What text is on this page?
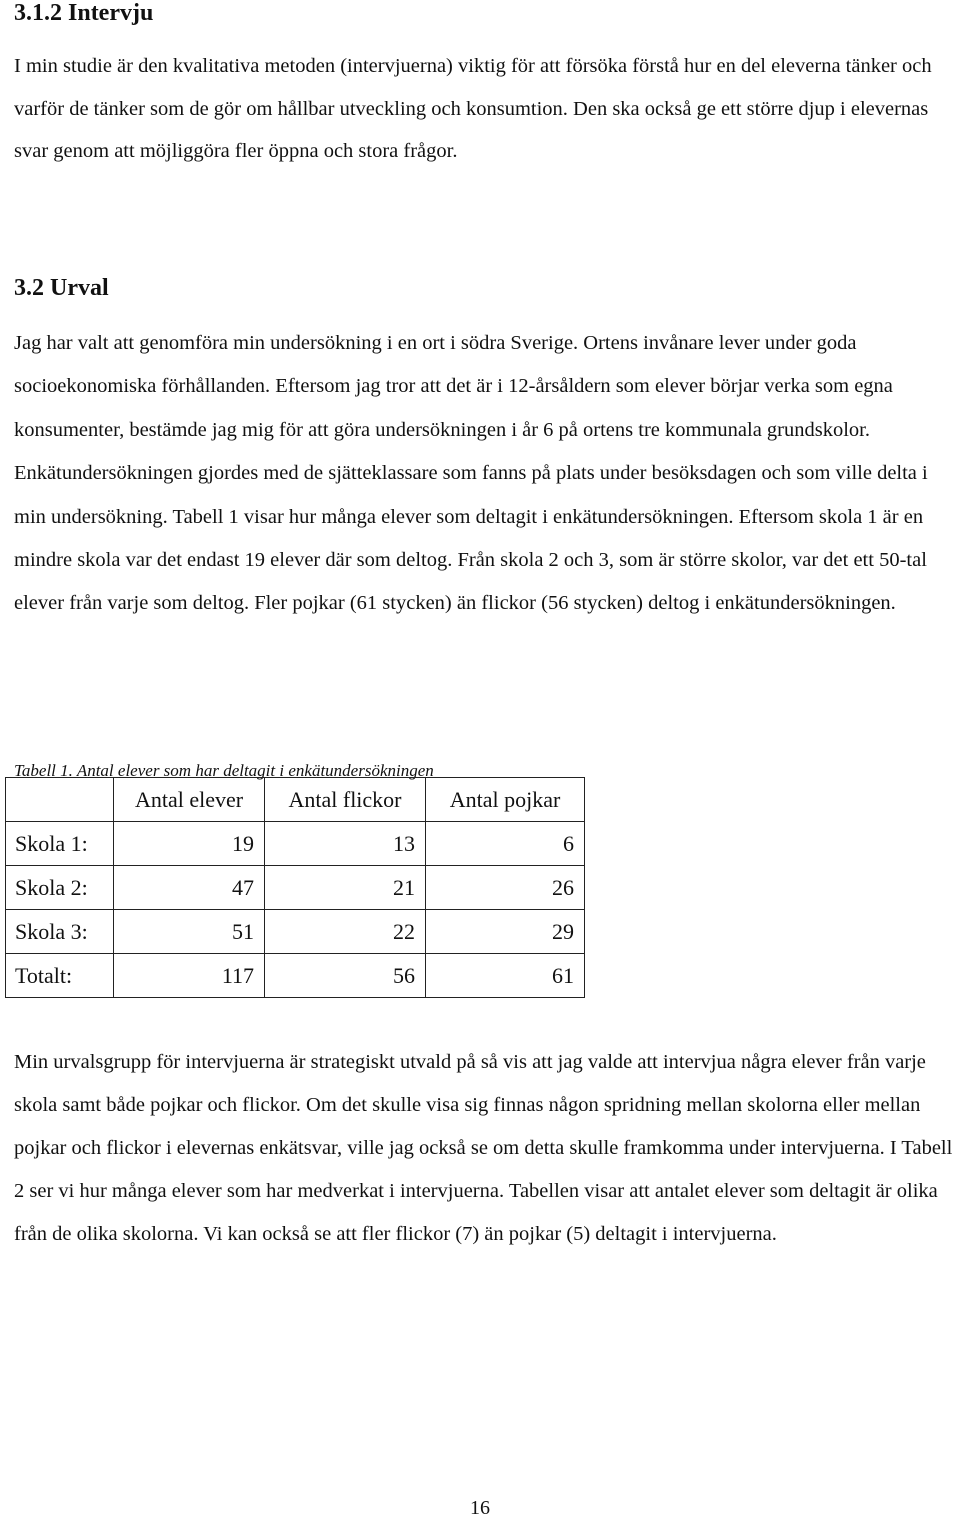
3.1.2 Intervju

I min studie är den kvalitativa metoden (intervjuerna) viktig för att försöka förstå hur en del eleverna tänker och varför de tänker som de gör om hållbar utveckling och konsumtion. Den ska också ge ett större djup i elevernas svar genom att möjliggöra fler öppna och stora frågor.

3.2 Urval

Jag har valt att genomföra min undersökning i en ort i södra Sverige. Ortens invånare lever under goda socioekonomiska förhållanden. Eftersom jag tror att det är i 12-årsåldern som elever börjar verka som egna konsumenter, bestämde jag mig för att göra undersökningen i år 6 på ortens tre kommunala grundskolor. Enkätundersökningen gjordes med de sjätteklassare som fanns på plats under besöksdagen och som ville delta i min undersökning. Tabell 1 visar hur många elever som deltagit i enkätundersökningen. Eftersom skola 1 är en mindre skola var det endast 19 elever där som deltog. Från skola 2 och 3, som är större skolor, var det ett 50-tal elever från varje som deltog. Fler pojkar (61 stycken) än flickor (56 stycken) deltog i enkätundersökningen.

Tabell 1. Antal elever som har deltagit i enkätundersökningen

	Antal elever	Antal flickor	Antal pojkar
Skola 1:	19	13	6
Skola 2:	47	21	26
Skola 3:	51	22	29
Totalt:	117	56	61

Min urvalsgrupp för intervjuerna är strategiskt utvald på så vis att jag valde att intervjua några elever från varje skola samt både pojkar och flickor. Om det skulle visa sig finnas någon spridning mellan skolorna eller mellan pojkar och flickor i elevernas enkätsvar, ville jag också se om detta skulle framkomma under intervjuerna. I Tabell 2 ser vi hur många elever som har medverkat i intervjuerna. Tabellen visar att antalet elever som deltagit är olika från de olika skolorna. Vi kan också se att fler flickor (7) än pojkar (5) deltagit i intervjuerna.

16
